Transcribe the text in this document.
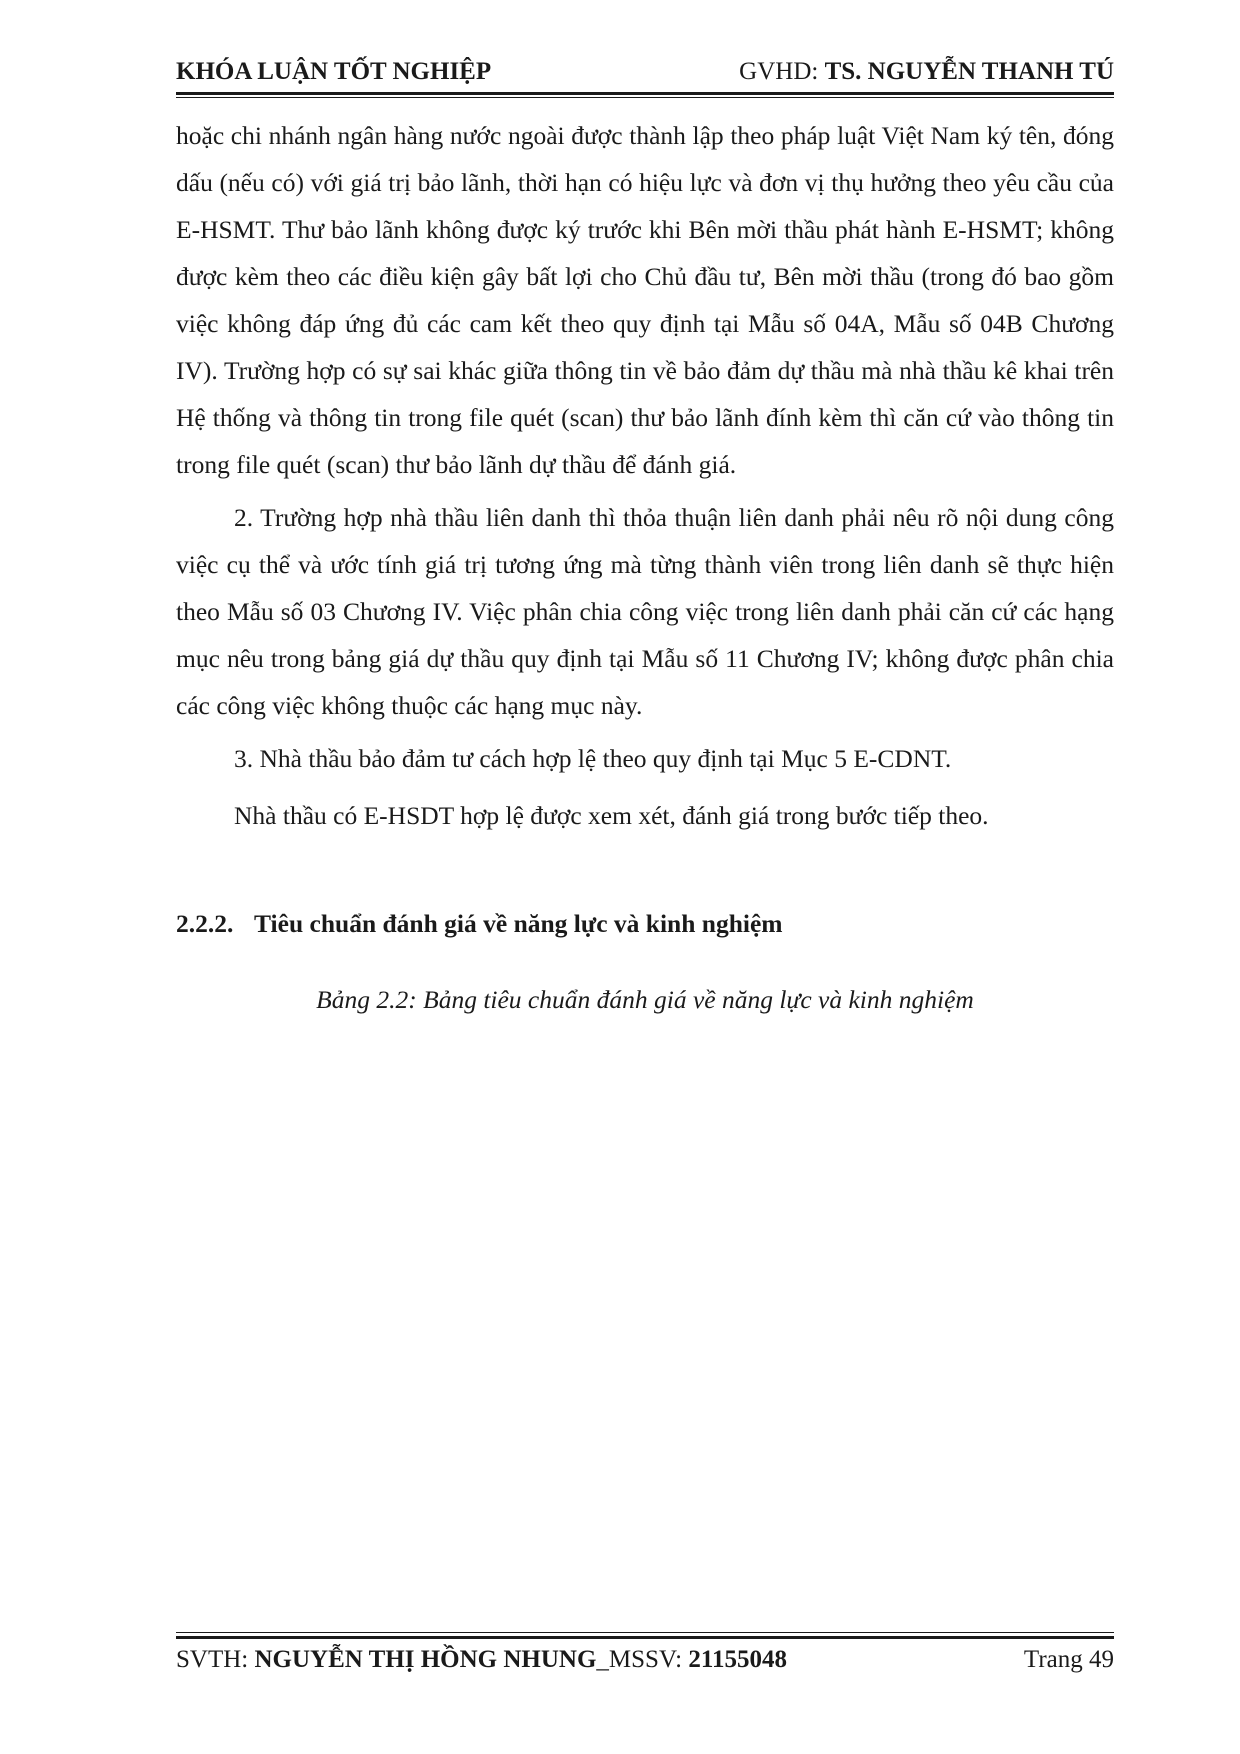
KHÓA LUẬN TỐT NGHIỆP	GVHD: TS. NGUYỄN THANH TÚ

hoặc chi nhánh ngân hàng nước ngoài được thành lập theo pháp luật Việt Nam ký tên, đóng dấu (nếu có) với giá trị bảo lãnh, thời hạn có hiệu lực và đơn vị thụ hưởng theo yêu cầu của E-HSMT. Thư bảo lãnh không được ký trước khi Bên mời thầu phát hành E-HSMT; không được kèm theo các điều kiện gây bất lợi cho Chủ đầu tư, Bên mời thầu (trong đó bao gồm việc không đáp ứng đủ các cam kết theo quy định tại Mẫu số 04A, Mẫu số 04B Chương IV). Trường hợp có sự sai khác giữa thông tin về bảo đảm dự thầu mà nhà thầu kê khai trên Hệ thống và thông tin trong file quét (scan) thư bảo lãnh đính kèm thì căn cứ vào thông tin trong file quét (scan) thư bảo lãnh dự thầu để đánh giá.

2. Trường hợp nhà thầu liên danh thì thỏa thuận liên danh phải nêu rõ nội dung công việc cụ thể và ước tính giá trị tương ứng mà từng thành viên trong liên danh sẽ thực hiện theo Mẫu số 03 Chương IV. Việc phân chia công việc trong liên danh phải căn cứ các hạng mục nêu trong bảng giá dự thầu quy định tại Mẫu số 11 Chương IV; không được phân chia các công việc không thuộc các hạng mục này.

3. Nhà thầu bảo đảm tư cách hợp lệ theo quy định tại Mục 5 E-CDNT.

Nhà thầu có E-HSDT hợp lệ được xem xét, đánh giá trong bước tiếp theo.

2.2.2. Tiêu chuẩn đánh giá về năng lực và kinh nghiệm
Bảng 2.2: Bảng tiêu chuẩn đánh giá về năng lực và kinh nghiệm
SVTH: NGUYỄN THỊ HỒNG NHUNG_MSSV: 21155048	Trang 49
